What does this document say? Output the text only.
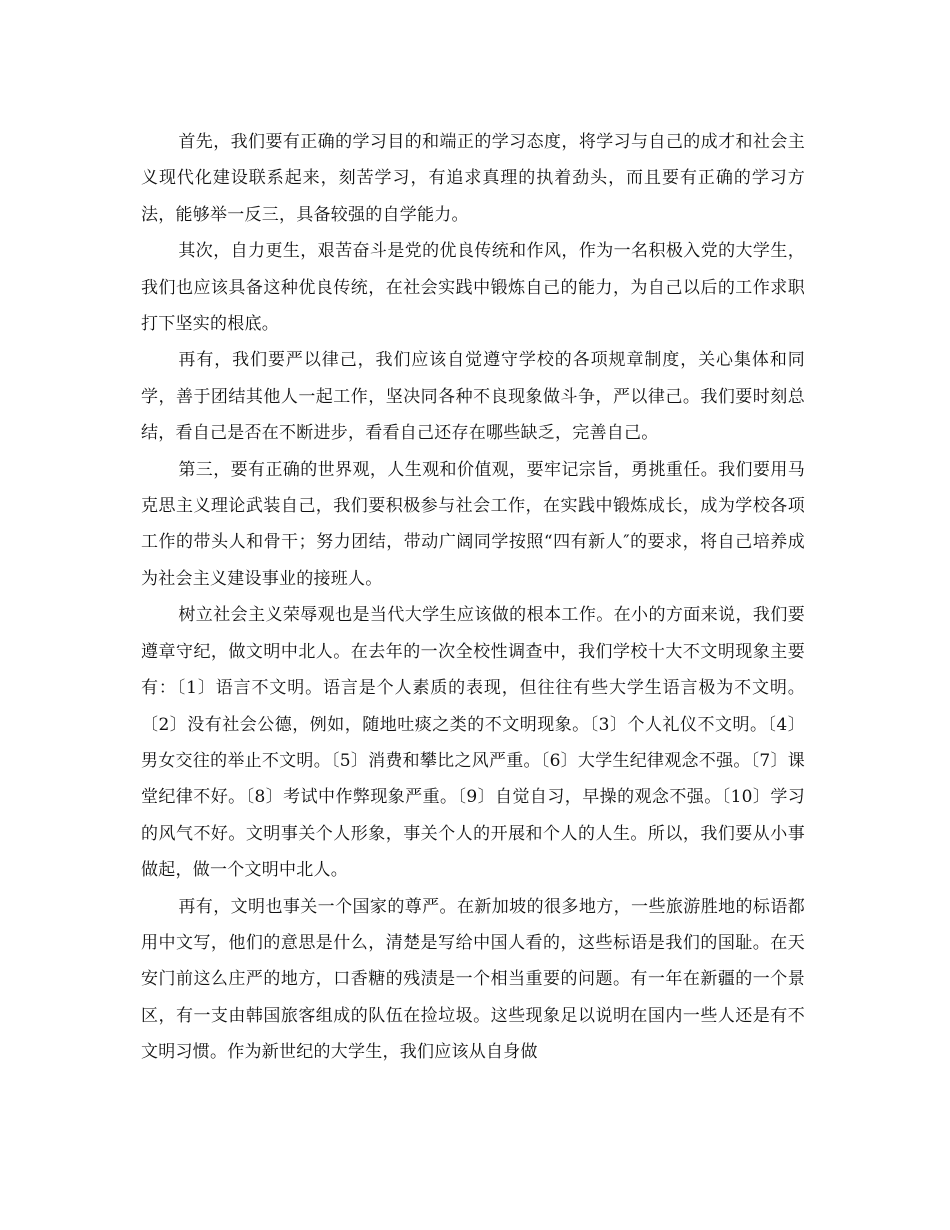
首先，我们要有正确的学习目的和端正的学习态度，将学习与自己的成才和社会主义现代化建设联系起来，刻苦学习，有追求真理的执着劲头，而且要有正确的学习方法，能够举一反三，具备较强的自学能力。

其次，自力更生，艰苦奋斗是党的优良传统和作风，作为一名积极入党的大学生，我们也应该具备这种优良传统，在社会实践中锻炼自己的能力，为自己以后的工作求职打下坚实的根底。

再有，我们要严以律己，我们应该自觉遵守学校的各项规章制度，关心集体和同学，善于团结其他人一起工作，坚决同各种不良现象做斗争，严以律己。我们要时刻总结，看自己是否在不断进步，看看自己还存在哪些缺乏，完善自己。

第三，要有正确的世界观，人生观和价值观，要牢记宗旨，勇挑重任。我们要用马克思主义理论武装自己，我们要积极参与社会工作，在实践中锻炼成长，成为学校各项工作的带头人和骨干；努力团结，带动广阔同学按照“四有新人″的要求，将自己培养成为社会主义建设事业的接班人。

树立社会主义荣辱观也是当代大学生应该做的根本工作。在小的方面来说，我们要遵章守纪，做文明中北人。在去年的一次全校性调查中，我们学校十大不文明现象主要有：〔1〕语言不文明。语言是个人素质的表现，但往往有些大学生语言极为不文明。〔2〕没有社会公德，例如，随地吐痰之类的不文明现象。〔3〕个人礼仪不文明。〔4〕男女交往的举止不文明。〔5〕消费和攀比之风严重。〔6〕大学生纪律观念不强。〔7〕课堂纪律不好。〔8〕考试中作弊现象严重。〔9〕自觉自习，早操的观念不强。〔10〕学习的风气不好。文明事关个人形象，事关个人的开展和个人的人生。所以，我们要从小事做起，做一个文明中北人。

再有，文明也事关一个国家的尊严。在新加坡的很多地方，一些旅游胜地的标语都用中文写，他们的意思是什么，清楚是写给中国人看的，这些标语是我们的国耻。在天安门前这么庄严的地方，口香糖的残渍是一个相当重要的问题。有一年在新疆的一个景区，有一支由韩国旅客组成的队伍在捡垃圾。这些现象足以说明在国内一些人还是有不文明习惯。作为新世纪的大学生，我们应该从自身做
